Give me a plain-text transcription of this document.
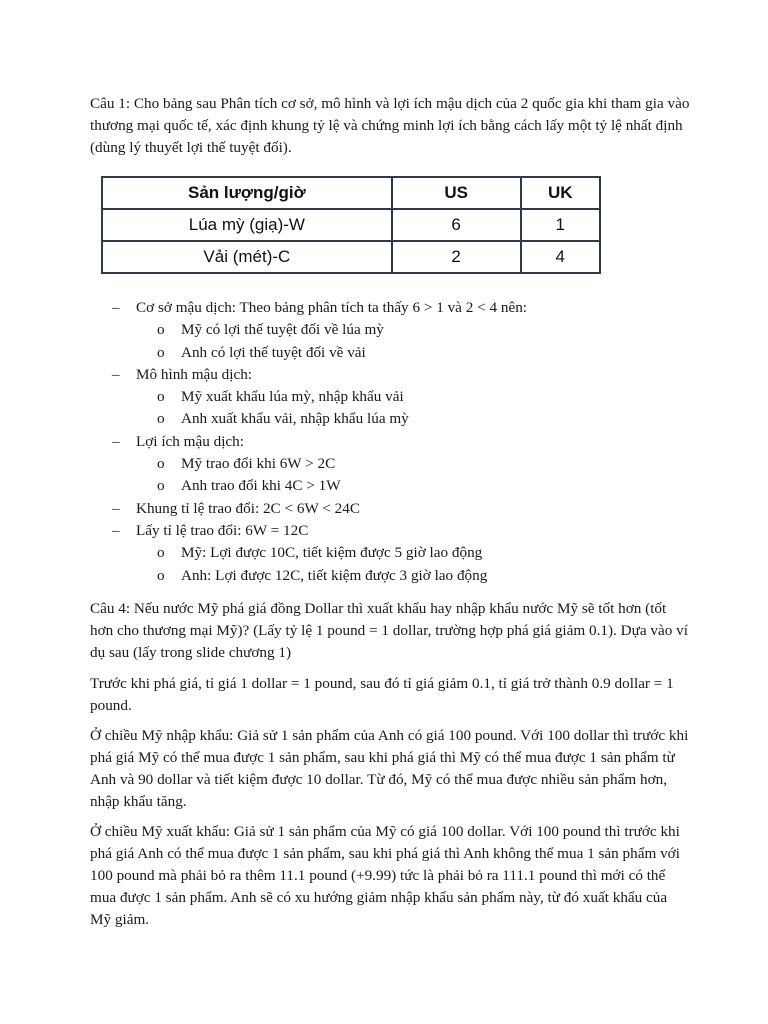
Câu 1: Cho bảng sau Phân tích cơ sở, mô hình và lợi ích mậu dịch của 2 quốc gia khi tham gia vào thương mại quốc tế, xác định khung tỷ lệ và chứng minh lợi ích bằng cách lấy một tỷ lệ nhất định (dùng lý thuyết lợi thế tuyệt đối).
Sản lượng/giờ	US	UK
Lúa mỳ (giạ)-W	6	1
Vải (mét)-C	2	4
– Cơ sở mậu dịch: Theo bảng phân tích ta thấy 6 > 1 và 2 < 4 nên:
o Mỹ có lợi thế tuyệt đối về lúa mỳ
o Anh có lợi thế tuyệt đối về vải
– Mô hình mậu dịch:
o Mỹ xuất khẩu lúa mỳ, nhập khẩu vải
o Anh xuất khẩu vải, nhập khẩu lúa mỳ
– Lợi ích mậu dịch:
o Mỹ trao đổi khi 6W > 2C
o Anh trao đổi khi 4C > 1W
– Khung tỉ lệ trao đổi: 2C < 6W < 24C
– Lấy tỉ lệ trao đổi: 6W = 12C
o Mỹ: Lợi được 10C, tiết kiệm được 5 giờ lao động
o Anh: Lợi được 12C, tiết kiệm được 3 giờ lao động
Câu 4: Nếu nước Mỹ phá giá đồng Dollar thì xuất khẩu hay nhập khẩu nước Mỹ sẽ tốt hơn (tốt hơn cho thương mại Mỹ)? (Lấy tỷ lệ 1 pound = 1 dollar, trường hợp phá giá giảm 0.1). Dựa vào ví dụ sau (lấy trong slide chương 1)
Trước khi phá giá, tỉ giá 1 dollar = 1 pound, sau đó tỉ giá giảm 0.1, tỉ giá trở thành 0.9 dollar = 1 pound.
Ở chiều Mỹ nhập khẩu: Giả sử 1 sản phẩm của Anh có giá 100 pound. Với 100 dollar thì trước khi phá giá Mỹ có thể mua được 1 sản phẩm, sau khi phá giá thì Mỹ có thể mua được 1 sản phẩm từ Anh và 90 dollar và tiết kiệm được 10 dollar. Từ đó, Mỹ có thể mua được nhiều sản phẩm hơn, nhập khẩu tăng.
Ở chiều Mỹ xuất khẩu: Giả sử 1 sản phẩm của Mỹ có giá 100 dollar. Với 100 pound thì trước khi phá giá Anh có thể mua được 1 sản phẩm, sau khi phá giá thì Anh không thể mua 1 sản phẩm với 100 pound mà phải bỏ ra thêm 11.1 pound (+9.99) tức là phải bỏ ra 111.1 pound thì mới có thể mua được 1 sản phẩm. Anh sẽ có xu hướng giảm nhập khẩu sản phẩm này, từ đó xuất khẩu của Mỹ giảm.
